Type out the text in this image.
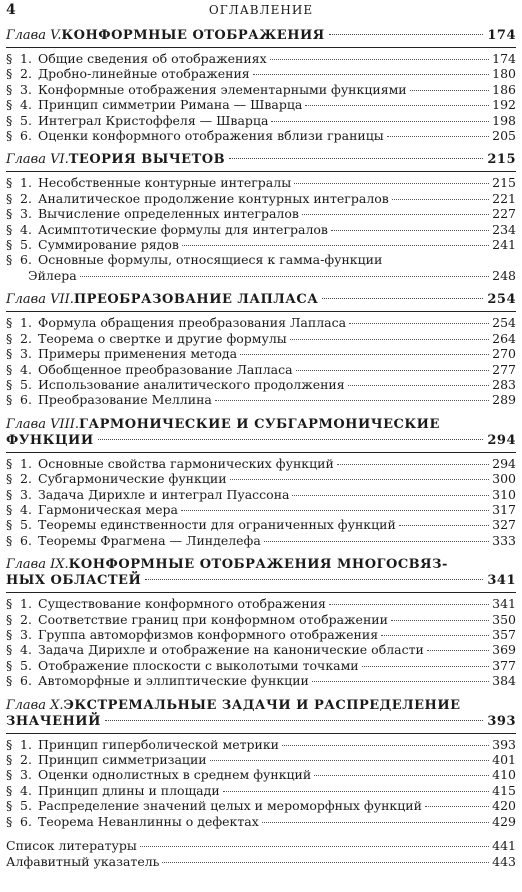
4	ОГЛАВЛЕНИЕ
Глава V. КОНФОРМНЫЕ ОТОБРАЖЕНИЯ	174
§ 1. Общие сведения об отображениях	174
§ 2. Дробно-линейные отображения	180
§ 3. Конформные отображения элементарными функциями	186
§ 4. Принцип симметрии Римана — Шварца	192
§ 5. Интеграл Кристоффеля — Шварца	198
§ 6. Оценки конформного отображения вблизи границы	205
Глава VI. ТЕОРИЯ ВЫЧЕТОВ	215
§ 1. Несобственные контурные интегралы	215
§ 2. Аналитическое продолжение контурных интегралов	221
§ 3. Вычисление определенных интегралов	227
§ 4. Асимптотические формулы для интегралов	234
§ 5. Суммирование рядов	241
§ 6. Основные формулы, относящиеся к гамма-функции
Эйлера	248
Глава VII. ПРЕОБРАЗОВАНИЕ ЛАПЛАСА	254
§ 1. Формула обращения преобразования Лапласа	254
§ 2. Теорема о свертке и другие формулы	264
§ 3. Примеры применения метода	270
§ 4. Обобщенное преобразование Лапласа	277
§ 5. Использование аналитического продолжения	283
§ 6. Преобразование Меллина	289
Глава VIII. ГАРМОНИЧЕСКИЕ И СУБГАРМОНИЧЕСКИЕ
ФУНКЦИИ	294
§ 1. Основные свойства гармонических функций	294
§ 2. Субгармонические функции	300
§ 3. Задача Дирихле и интеграл Пуассона	310
§ 4. Гармоническая мера	317
§ 5. Теоремы единственности для ограниченных функций	327
§ 6. Теоремы Фрагмена — Линделефа	333
Глава IX. КОНФОРМНЫЕ ОТОБРАЖЕНИЯ МНОГОСВЯЗ-
НЫХ ОБЛАСТЕЙ	341
§ 1. Существование конформного отображения	341
§ 2. Соответствие границ при конформном отображении	350
§ 3. Группа автоморфизмов конформного отображения	357
§ 4. Задача Дирихле и отображение на канонические области	369
§ 5. Отображение плоскости с выколотыми точками	377
§ 6. Автоморфные и эллиптические функции	384
Глава X. ЭКСТРЕМАЛЬНЫЕ ЗАДАЧИ И РАСПРЕДЕЛЕНИЕ
ЗНАЧЕНИЙ	393
§ 1. Принцип гиперболической метрики	393
§ 2. Принцип симметризации	401
§ 3. Оценки однолистных в среднем функций	410
§ 4. Принцип длины и площади	415
§ 5. Распределение значений целых и мероморфных функций	420
§ 6. Теорема Неванлинны о дефектах	429
Список литературы	441
Алфавитный указатель	443
